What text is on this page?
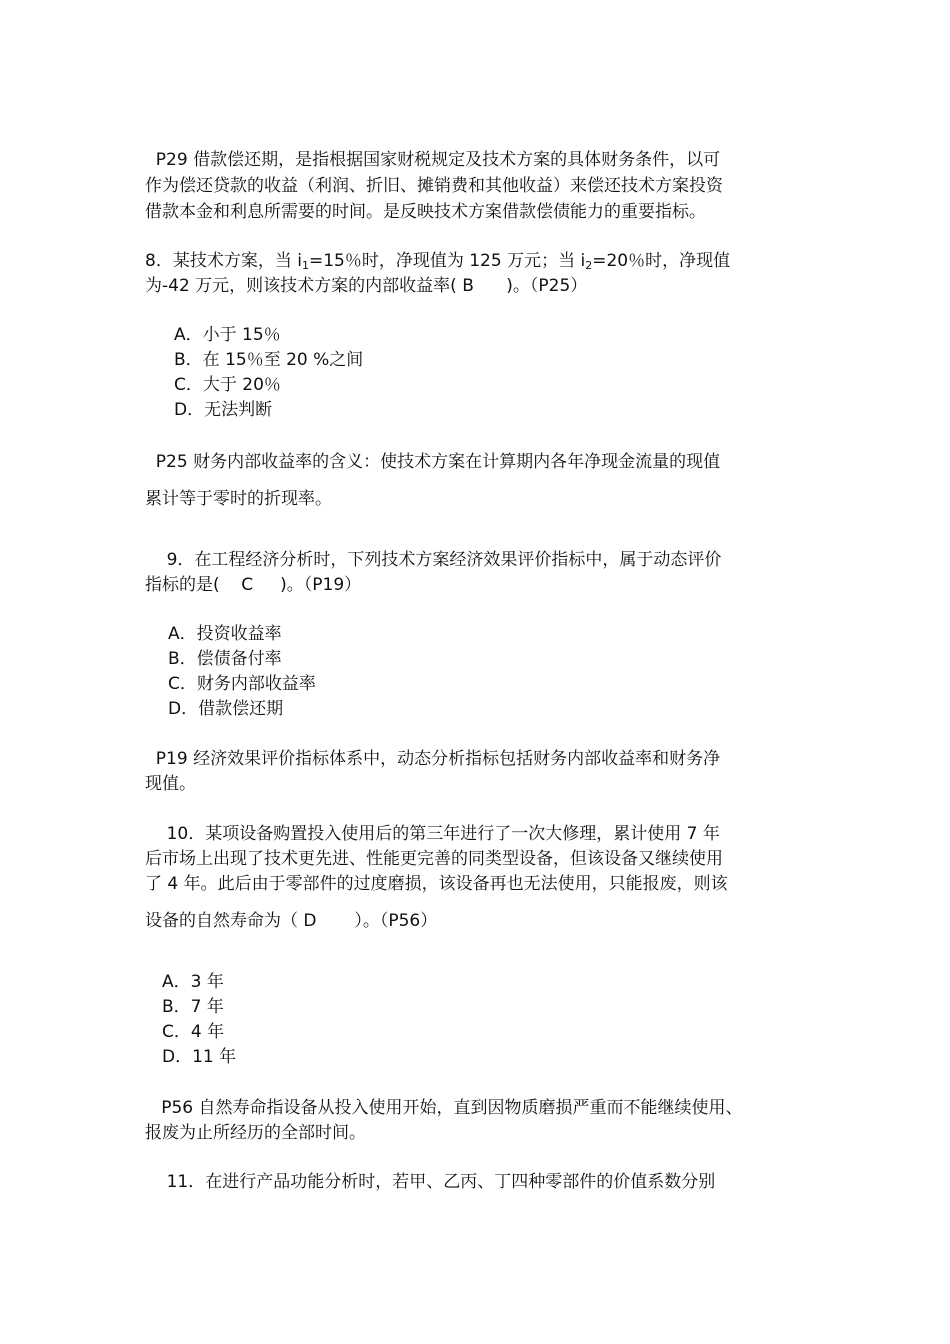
P29 借款偿还期，是指根据国家财税规定及技术方案的具体财务条件，以可
作为偿还贷款的收益（利润、折旧、摊销费和其他收益）来偿还技术方案投资
借款本金和利息所需要的时间。是反映技术方案借款偿债能力的重要指标。
8．某技术方案，当 $i_1=15$％时，净现值为 125 万元；当 $i_2=20$％时，净现值
为-42 万元，则该技术方案的内部收益率( B      )。（P25）
A．小于 15％
B．在 15％至 20 %之间
C．大于 20％
D．无法判断
P25 财务内部收益率的含义：使技术方案在计算期内各年净现金流量的现值
累计等于零时的折现率。
9．在工程经济分析时，下列技术方案经济效果评价指标中，属于动态评价
指标的是(    C     )。（P19）
A．投资收益率
B．偿债备付率
C．财务内部收益率
D．借款偿还期
P19 经济效果评价指标体系中，动态分析指标包括财务内部收益率和财务净
现值。
10．某项设备购置投入使用后的第三年进行了一次大修理，累计使用 7 年
后市场上出现了技术更先进、性能更完善的同类型设备，但该设备又继续使用
了 4 年。此后由于零部件的过度磨损，该设备再也无法使用，只能报废，则该
设备的自然寿命为（ D       ）。（P56）
A．3 年
B．7 年
C．4 年
D．11 年
P56 自然寿命指设备从投入使用开始，直到因物质磨损严重而不能继续使用、
报废为止所经历的全部时间。
11．在进行产品功能分析时，若甲、乙丙、丁四种零部件的价值系数分别
